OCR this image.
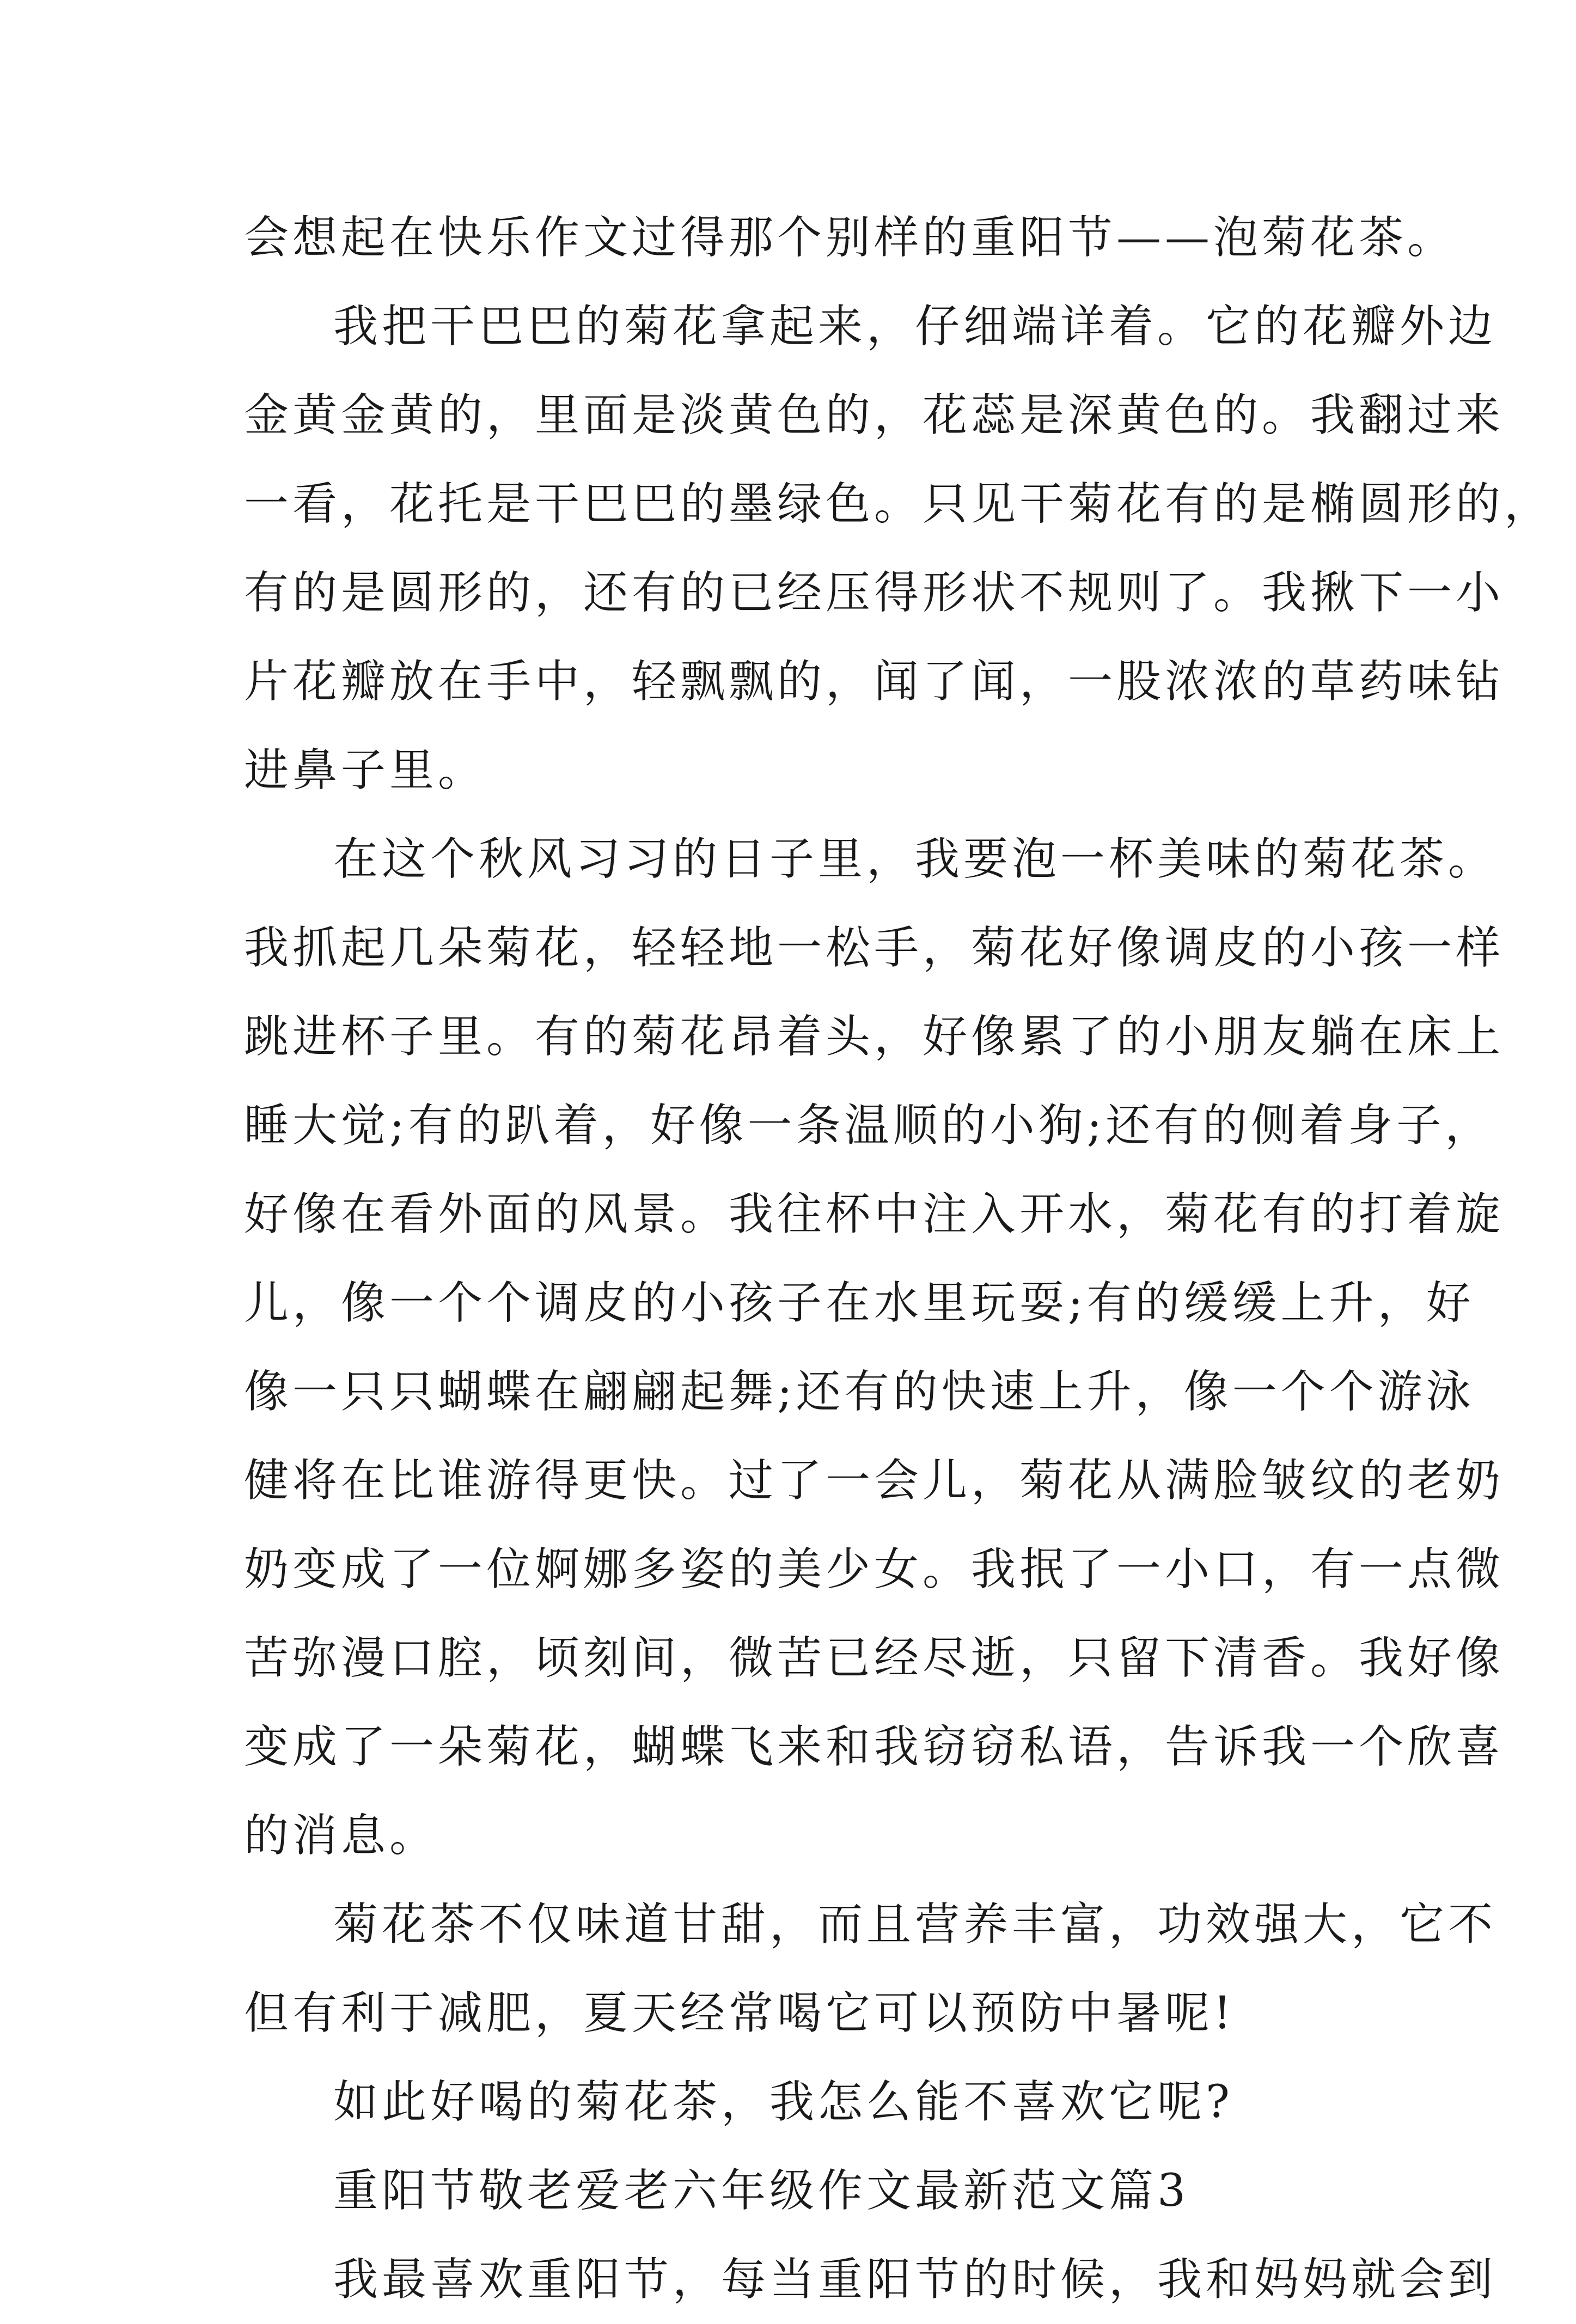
会想起在快乐作文过得那个别样的重阳节——泡菊花茶。
我把干巴巴的菊花拿起来，仔细端详着。它的花瓣外边
金黄金黄的，里面是淡黄色的，花蕊是深黄色的。我翻过来
一看，花托是干巴巴的墨绿色。只见干菊花有的是椭圆形的，
有的是圆形的，还有的已经压得形状不规则了。我揪下一小
片花瓣放在手中，轻飘飘的，闻了闻，一股浓浓的草药味钻
进鼻子里。
在这个秋风习习的日子里，我要泡一杯美味的菊花茶。
我抓起几朵菊花，轻轻地一松手，菊花好像调皮的小孩一样
跳进杯子里。有的菊花昂着头，好像累了的小朋友躺在床上
睡大觉;有的趴着，好像一条温顺的小狗;还有的侧着身子，
好像在看外面的风景。我往杯中注入开水，菊花有的打着旋
儿，像一个个调皮的小孩子在水里玩耍;有的缓缓上升，好
像一只只蝴蝶在翩翩起舞;还有的快速上升，像一个个游泳
健将在比谁游得更快。过了一会儿，菊花从满脸皱纹的老奶
奶变成了一位婀娜多姿的美少女。我抿了一小口，有一点微
苦弥漫口腔，顷刻间，微苦已经尽逝，只留下清香。我好像
变成了一朵菊花，蝴蝶飞来和我窃窃私语，告诉我一个欣喜
的消息。
菊花茶不仅味道甘甜，而且营养丰富，功效强大，它不
但有利于减肥，夏天经常喝它可以预防中暑呢!
如此好喝的菊花茶，我怎么能不喜欢它呢?
重阳节敬老爱老六年级作文最新范文篇3
我最喜欢重阳节，每当重阳节的时候，我和妈妈就会到
